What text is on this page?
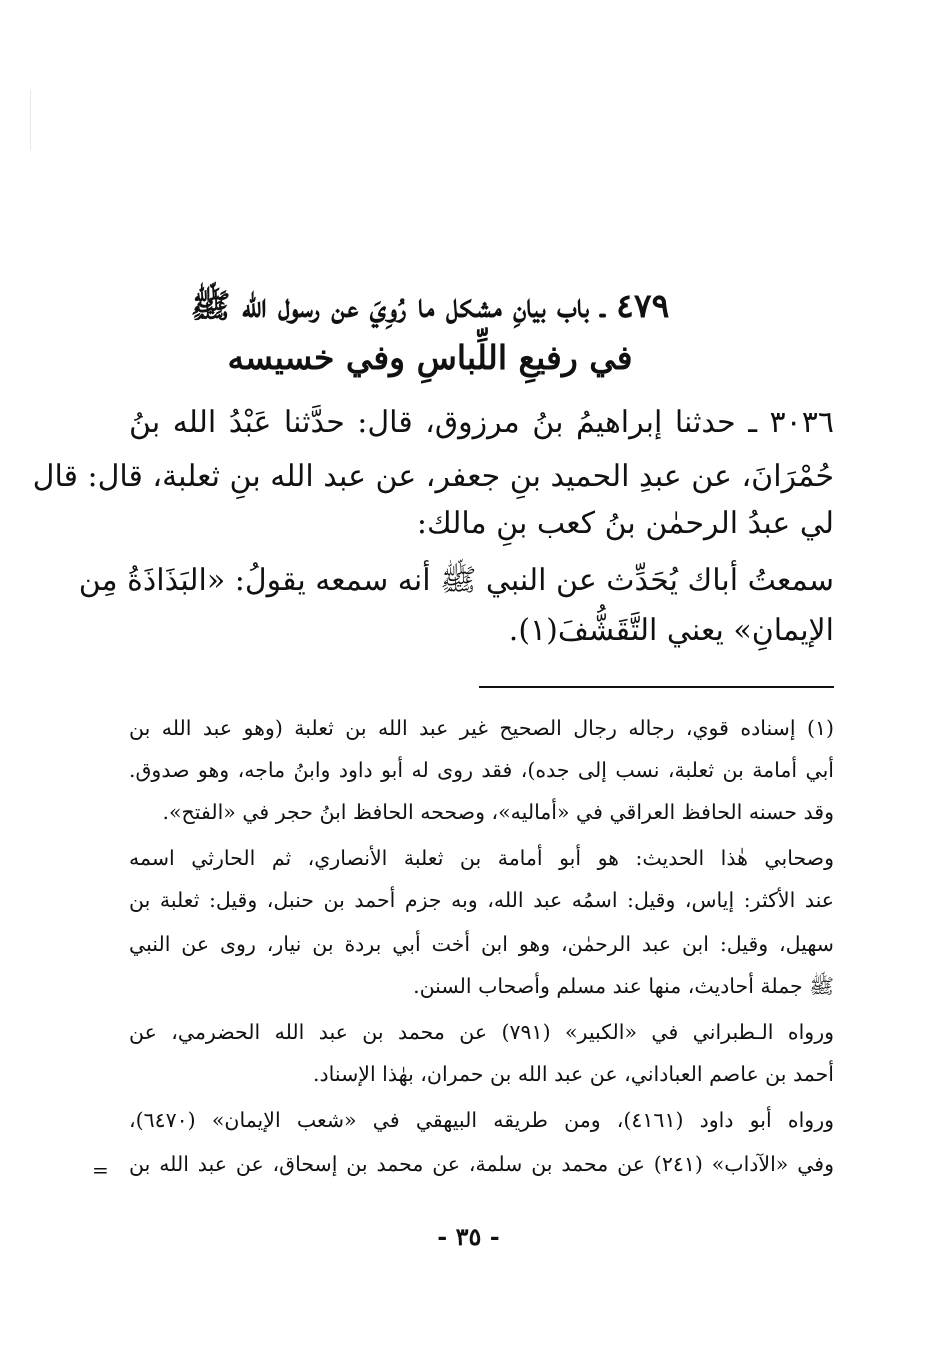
٤٧٩ ـ باب بيانِ مشكل ما رُوِيَ عن رسول الله ﷺ
في رفيعِ اللِّباسِ وفي خسيسه
٣٠٣٦ ـ حدثنا إبراهيمُ بنُ مرزوق، قال: حدَّثنا عَبْدُ الله بنُ
حُمْرَانَ، عن عبدِ الحميد بنِ جعفر، عن عبد الله بنِ ثعلبة، قال: قال
لي عبدُ الرحمٰن بنُ كعب بنِ مالك:
سمعتُ أباك يُحَدِّث عن النبي ﷺ أنه سمعه يقولُ: «البَذَاذَةُ مِن
الإيمانِ» يعني التَّقَشُّفَ(١).
(١) إسناده قوي، رجاله رجال الصحيح غير عبد الله بن ثعلبة (وهو عبد الله بن
أبي أمامة بن ثعلبة، نسب إلى جده)، فقد روى له أبو داود وابنُ ماجه، وهو صدوق.
وقد حسنه الحافظ العراقي في «أماليه»، وصححه الحافظ ابنُ حجر في «الفتح».
وصحابي هٰذا الحديث: هو أبو أمامة بن ثعلبة الأنصاري، ثم الحارثي اسمه
عند الأكثر: إياس، وقيل: اسمُه عبد الله، وبه جزم أحمد بن حنبل، وقيل: ثعلبة بن
سهيل، وقيل: ابن عبد الرحمٰن، وهو ابن أخت أبي بردة بن نيار، روى عن النبي
ﷺ جملة أحاديث، منها عند مسلم وأصحاب السنن.
ورواه الـطبراني في «الكبير» (٧٩١) عن محمد بن عبد الله الحضرمي، عن
أحمد بن عاصم العباداني، عن عبد الله بن حمران، بهٰذا الإسناد.
ورواه أبو داود (٤١٦١)، ومن طريقه البيهقي في «شعب الإيمان» (٦٤٧٠)،
وفي «الآداب» (٢٤١) عن محمد بن سلمة، عن محمد بن إسحاق، عن عبد الله بن
=
- ٣٥ -
